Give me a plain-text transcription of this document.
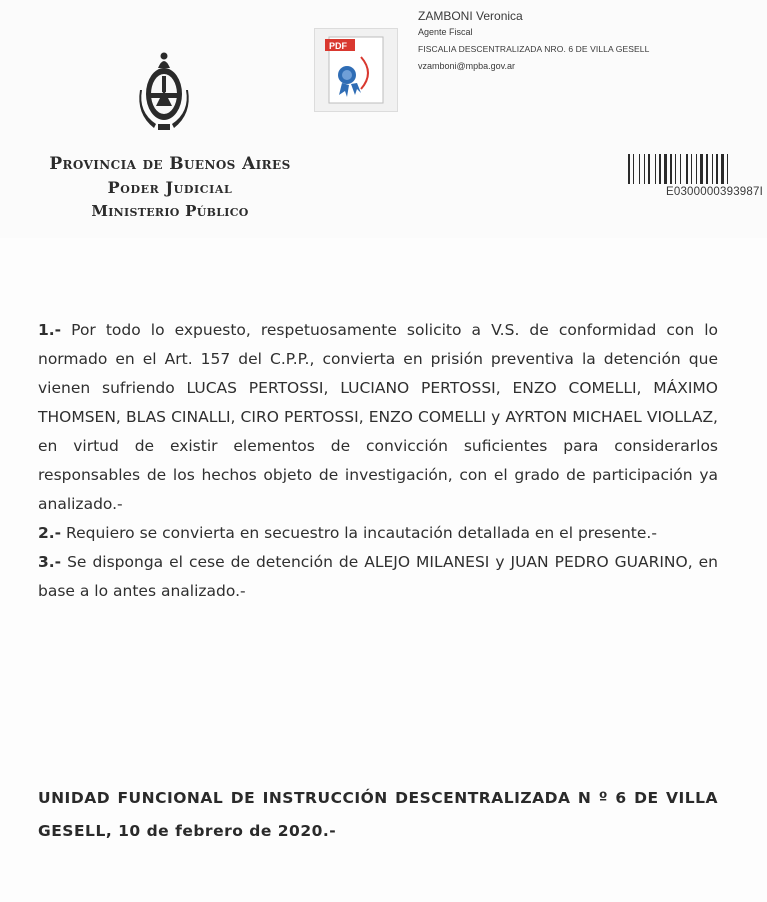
Provincia de Buenos Aires
Poder Judicial
Ministerio Público
PDF
ZAMBONI Veronica
Agente Fiscal
FISCALIA DESCENTRALIZADA NRO. 6 DE VILLA GESELL
vzamboni@mpba.gov.ar
E0300000393987I

1.- Por todo lo expuesto, respetuosamente solicito a V.S. de conformidad con lo normado en el Art. 157 del C.P.P., convierta en prisión preventiva la detención que vienen sufriendo LUCAS PERTOSSI, LUCIANO PERTOSSI, ENZO COMELLI, MÁXIMO THOMSEN, BLAS CINALLI, CIRO PERTOSSI, ENZO COMELLI y AYRTON MICHAEL VIOLLAZ, en virtud de existir elementos de convicción suficientes para considerarlos responsables de los hechos objeto de investigación, con el grado de participación ya analizado.-

2.- Requiero se convierta en secuestro la incautación detallada en el presente.-

3.- Se disponga el cese de detención de ALEJO MILANESI y JUAN PEDRO GUARINO, en base a lo antes analizado.-

UNIDAD FUNCIONAL DE INSTRUCCIÓN DESCENTRALIZADA N º 6 DE VILLA GESELL, 10 de febrero de 2020.-
